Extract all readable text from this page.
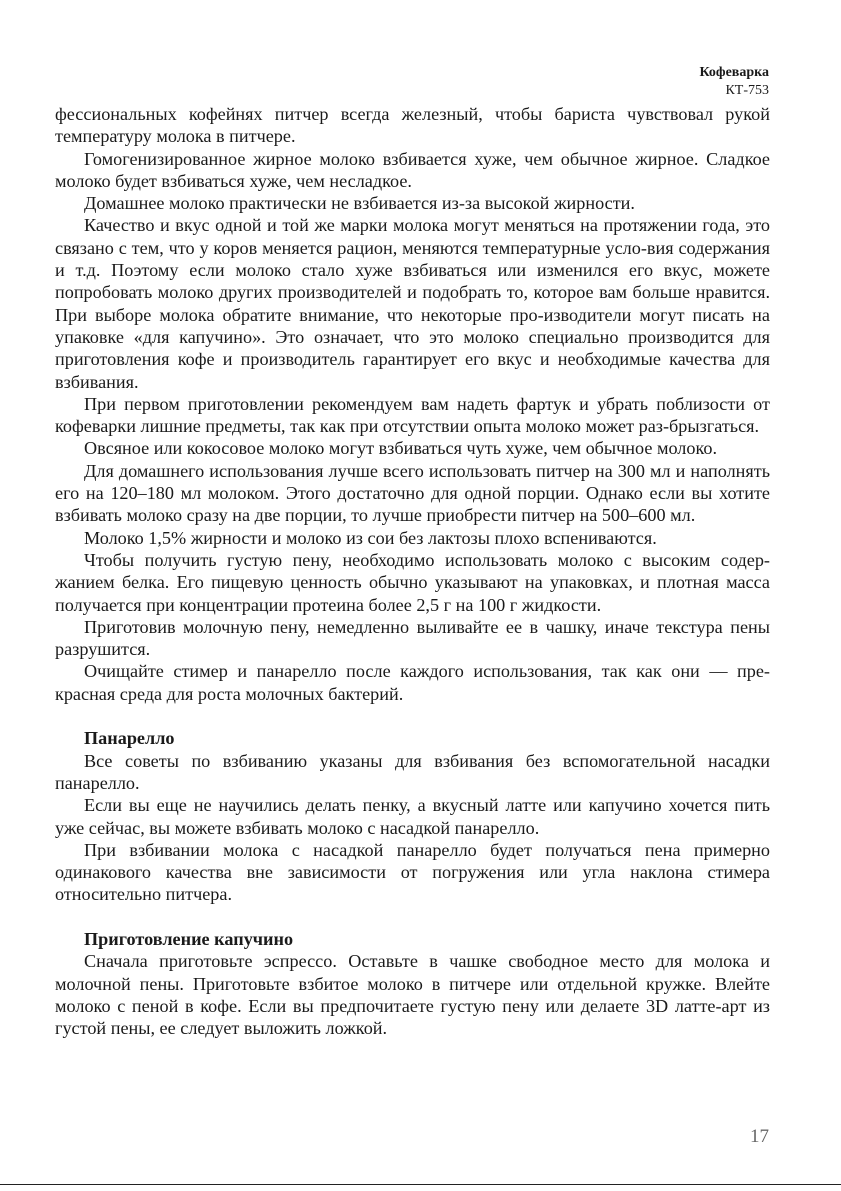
Кофеварка
КТ-753

фессиональных кофейнях питчер всегда железный, чтобы бариста чувствовал рукой температуру молока в питчере.

Гомогенизированное жирное молоко взбивается хуже, чем обычное жирное. Сладкое молоко будет взбиваться хуже, чем несладкое.

Домашнее молоко практически не взбивается из-за высокой жирности.

Качество и вкус одной и той же марки молока могут меняться на протяжении года, это связано с тем, что у коров меняется рацион, меняются температурные усло-вия содержания и т.д. Поэтому если молоко стало хуже взбиваться или изменился его вкус, можете попробовать молоко других производителей и подобрать то, которое вам больше нравится. При выборе молока обратите внимание, что некоторые про-изводители могут писать на упаковке «для капучино». Это означает, что это молоко специально производится для приготовления кофе и производитель гарантирует его вкус и необходимые качества для взбивания.

При первом приготовлении рекомендуем вам надеть фартук и убрать поблизости от кофеварки лишние предметы, так как при отсутствии опыта молоко может раз-брызгаться.

Овсяное или кокосовое молоко могут взбиваться чуть хуже, чем обычное молоко.

Для домашнего использования лучше всего использовать питчер на 300 мл и наполнять его на 120–180 мл молоком. Этого достаточно для одной порции. Однако если вы хотите взбивать молоко сразу на две порции, то лучше приобрести питчер на 500–600 мл.

Молоко 1,5% жирности и молоко из сои без лактозы плохо вспениваются.

Чтобы получить густую пену, необходимо использовать молоко с высоким содер-жанием белка. Его пищевую ценность обычно указывают на упаковках, и плотная масса получается при концентрации протеина более 2,5 г на 100 г жидкости.

Приготовив молочную пену, немедленно выливайте ее в чашку, иначе текстура пены разрушится.

Очищайте стимер и панарелло после каждого использования, так как они — пре-красная среда для роста молочных бактерий.

Панарелло

Все советы по взбиванию указаны для взбивания без вспомогательной насадки панарелло.

Если вы еще не научились делать пенку, а вкусный латте или капучино хочется пить уже сейчас, вы можете взбивать молоко с насадкой панарелло.

При взбивании молока с насадкой панарелло будет получаться пена примерно одинакового качества вне зависимости от погружения или угла наклона стимера относительно питчера.

Приготовление капучино

Сначала приготовьте эспрессо. Оставьте в чашке свободное место для молока и молочной пены. Приготовьте взбитое молоко в питчере или отдельной кружке. Влейте молоко с пеной в кофе. Если вы предпочитаете густую пену или делаете 3D латте-арт из густой пены, ее следует выложить ложкой.

17
